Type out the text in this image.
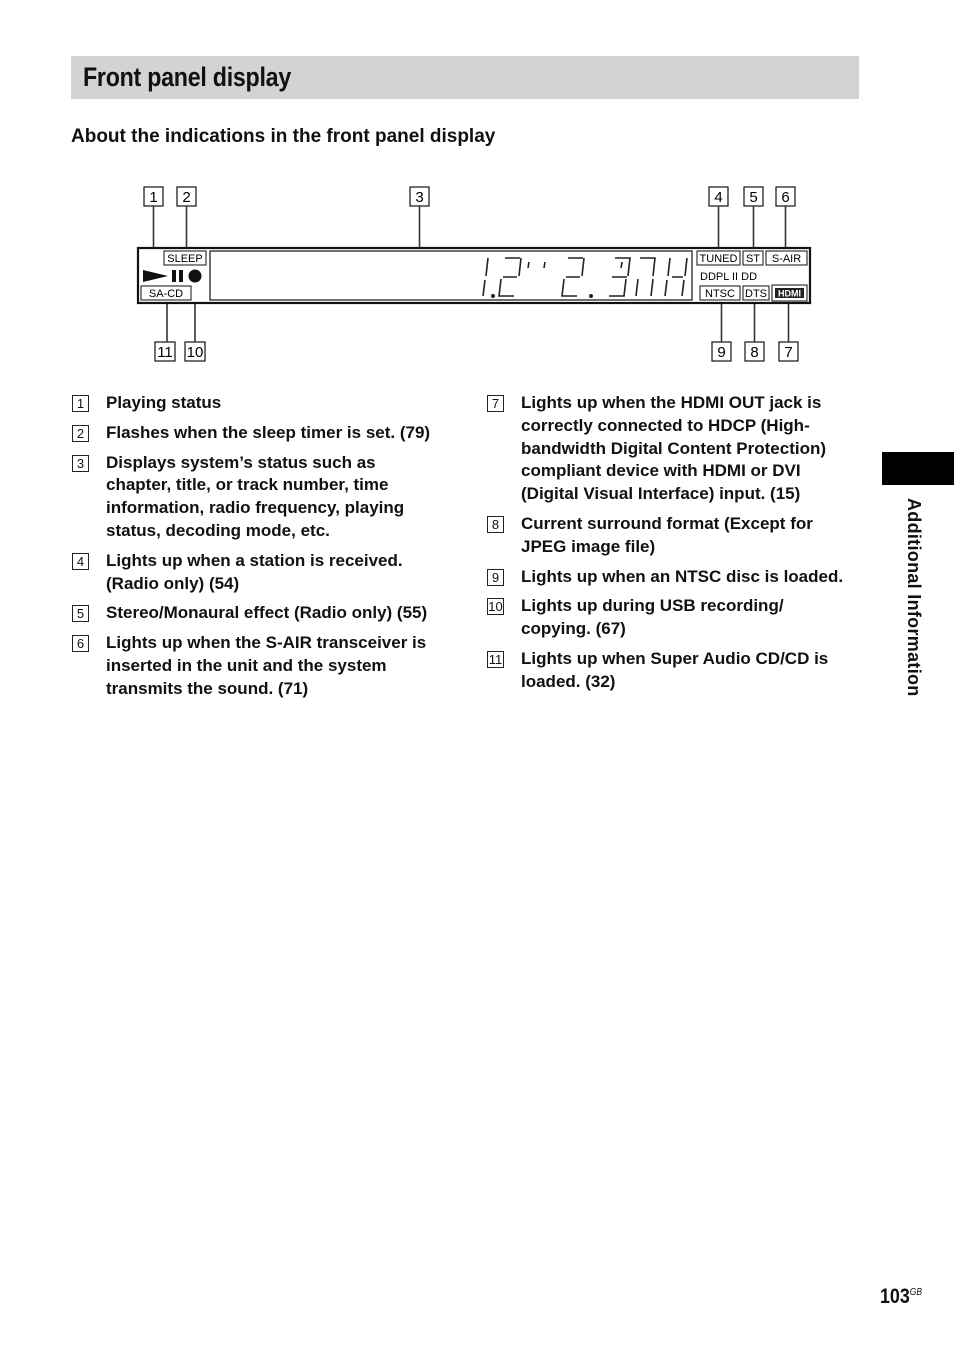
Front panel display
About the indications in the front panel display
1 2	3	4 5 6
11 10	9 8 7
SLEEP
SA-CD
TUNED ST S-AIR
DDPL II DD
NTSC DTS HDMI
1 Playing status
2 Flashes when the sleep timer is set. (79)
3 Displays system’s status such as chapter, title, or track number, time information, radio frequency, playing status, decoding mode, etc.
4 Lights up when a station is received. (Radio only) (54)
5 Stereo/Monaural effect (Radio only) (55)
6 Lights up when the S-AIR transceiver is inserted in the unit and the system transmits the sound. (71)
7 Lights up when the HDMI OUT jack is correctly connected to HDCP (High-bandwidth Digital Content Protection) compliant device with HDMI or DVI (Digital Visual Interface) input. (15)
8 Current surround format (Except for JPEG image file)
9 Lights up when an NTSC disc is loaded.
10 Lights up during USB recording/ copying. (67)
11 Lights up when Super Audio CD/CD is loaded. (32)	Additional Information
$103^{GB}$
